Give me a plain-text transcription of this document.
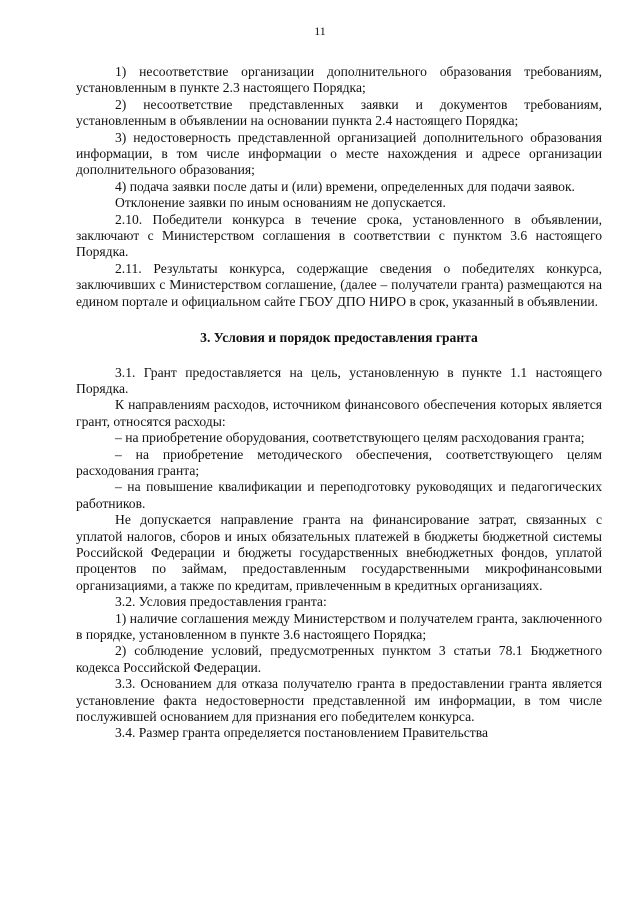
11

1) несоответствие организации дополнительного образования требованиям, установленным в пункте 2.3 настоящего Порядка;

2) несоответствие представленных заявки и документов требованиям, установленным в объявлении на основании пункта 2.4 настоящего Порядка;

3) недостоверность представленной организацией дополнительного образования информации, в том числе информации о месте нахождения и адресе организации дополнительного образования;

4) подача заявки после даты и (или) времени, определенных для подачи заявок.

Отклонение заявки по иным основаниям не допускается.

2.10. Победители конкурса в течение срока, установленного в объявлении, заключают с Министерством соглашения в соответствии с пунктом 3.6 настоящего Порядка.

2.11. Результаты конкурса, содержащие сведения о победителях конкурса, заключивших с Министерством соглашение, (далее – получатели гранта) размещаются на едином портале и официальном сайте ГБОУ ДПО НИРО в срок, указанный в объявлении.

3. Условия и порядок предоставления гранта

3.1. Грант предоставляется на цель, установленную в пункте 1.1 настоящего Порядка.

К направлениям расходов, источником финансового обеспечения которых является грант, относятся расходы:

– на приобретение оборудования, соответствующего целям расходования гранта;

– на приобретение методического обеспечения, соответствующего целям расходования гранта;

– на повышение квалификации и переподготовку руководящих и педагогических работников.

Не допускается направление гранта на финансирование затрат, связанных с уплатой налогов, сборов и иных обязательных платежей в бюджеты бюджетной системы Российской Федерации и бюджеты государственных внебюджетных фондов, уплатой процентов по займам, предоставленным государственными микрофинансовыми организациями, а также по кредитам, привлеченным в кредитных организациях.

3.2. Условия предоставления гранта:

1) наличие соглашения между Министерством и получателем гранта, заключенного в порядке, установленном в пункте 3.6 настоящего Порядка;

2) соблюдение условий, предусмотренных пунктом 3 статьи 78.1 Бюджетного кодекса Российской Федерации.

3.3. Основанием для отказа получателю гранта в предоставлении гранта является установление факта недостоверности представленной им информации, в том числе послужившей основанием для признания его победителем конкурса.

3.4. Размер гранта определяется постановлением Правительства
